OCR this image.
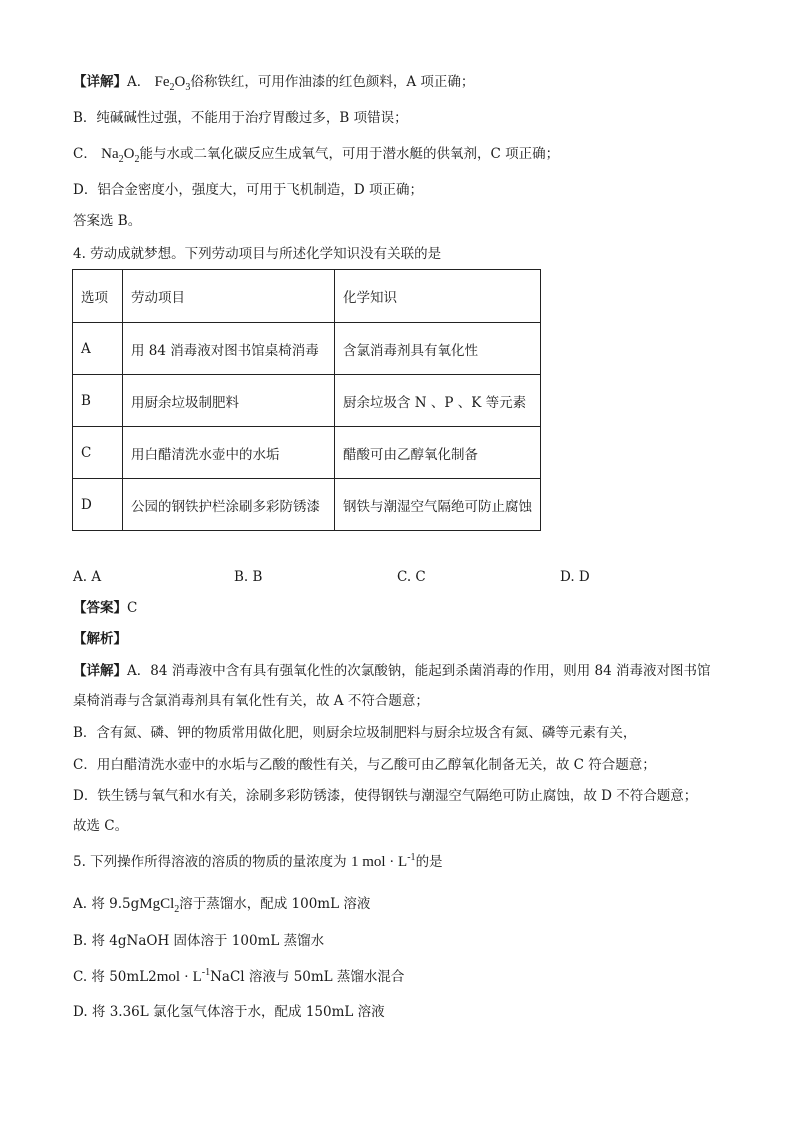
【详解】A． $Fe_2O_3$俗称铁红，可用作油漆的红色颜料，A 项正确；
B．纯碱碱性过强，不能用于治疗胃酸过多，B 项错误；
C． $Na_2O_2$能与水或二氧化碳反应生成氧气，可用于潜水艇的供氧剂，C 项正确；
D．铝合金密度小，强度大，可用于飞机制造，D 项正确；
答案选 B。
4. 劳动成就梦想。下列劳动项目与所述化学知识没有关联的是
选项	劳动项目	化学知识
A	用 84 消毒液对图书馆桌椅消毒	含氯消毒剂具有氧化性
B	用厨余垃圾制肥料	厨余垃圾含 N 、P 、K 等元素
C	用白醋清洗水壶中的水垢	醋酸可由乙醇氧化制备
D	公园的钢铁护栏涂刷多彩防锈漆	钢铁与潮湿空气隔绝可防止腐蚀
A. A	B. B	C. C	D. D
【答案】C
【解析】
【详解】A．84 消毒液中含有具有强氧化性的次氯酸钠，能起到杀菌消毒的作用，则用 84 消毒液对图书馆
桌椅消毒与含氯消毒剂具有氧化性有关，故 A 不符合题意；
B．含有氮、磷、钾的物质常用做化肥，则厨余垃圾制肥料与厨余垃圾含有氮、磷等元素有关，
C．用白醋清洗水壶中的水垢与乙酸的酸性有关，与乙酸可由乙醇氧化制备无关，故 C 符合题意；
D．铁生锈与氧气和水有关，涂刷多彩防锈漆，使得钢铁与潮湿空气隔绝可防止腐蚀，故 D 不符合题意；
故选 C。
5. 下列操作所得溶液的溶质的物质的量浓度为 1 mol · $L^{-1}$的是
A. 将 9.5gMgCl$_2$溶于蒸馏水，配成 100mL 溶液
B. 将 4gNaOH 固体溶于 100mL 蒸馏水
C. 将 $50mL2mol \cdot L^{-1}NaCl$ 溶液与 50mL 蒸馏水混合
D. 将 3.36L 氯化氢气体溶于水，配成 150mL 溶液
